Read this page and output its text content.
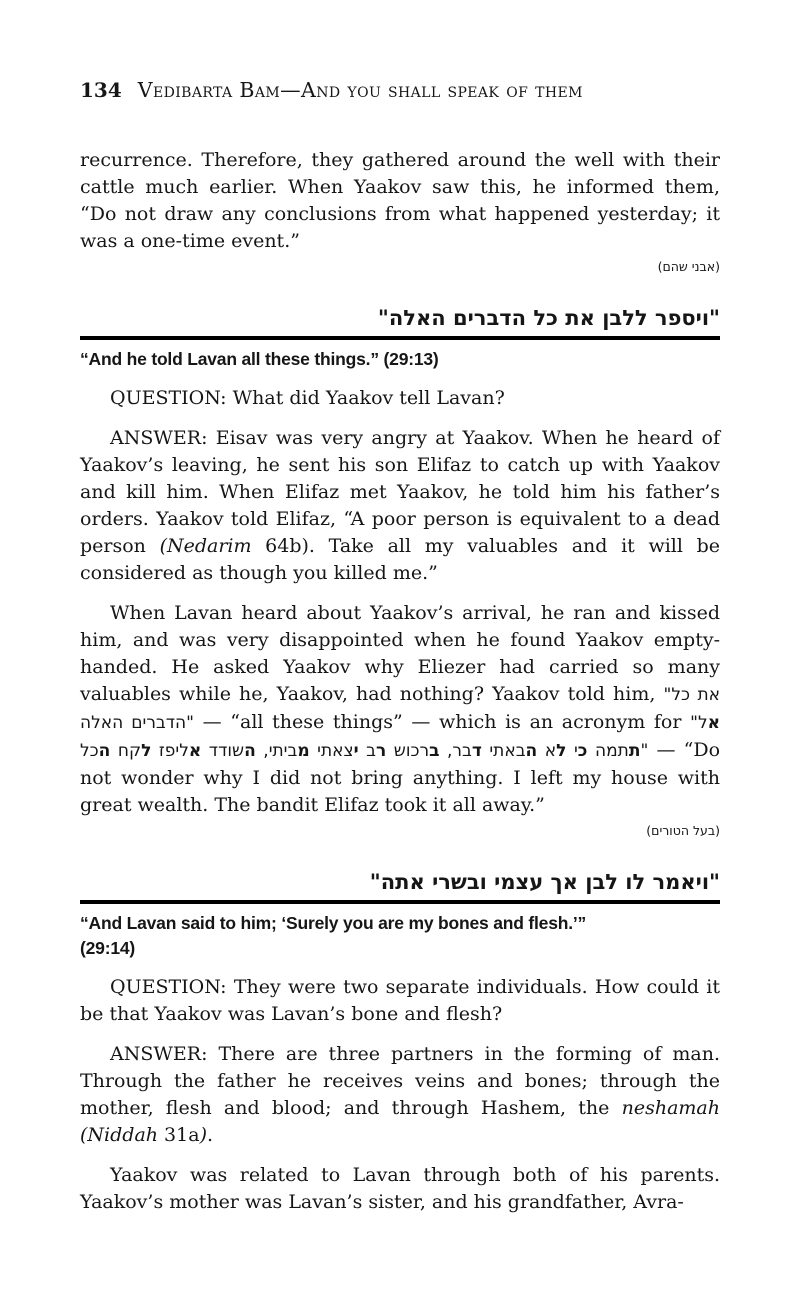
134 Vedibarta Bam—And you shall speak of them

recurrence. Therefore, they gathered around the well with their cattle much earlier. When Yaakov saw this, he informed them, “Do not draw any conclusions from what happened yesterday; it was a one-time event.”

(אבני שהם)

"ויספר ללבן את כל הדברים האלה"

“And he told Lavan all these things.” (29:13)

QUESTION: What did Yaakov tell Lavan?

ANSWER: Eisav was very angry at Yaakov. When he heard of Yaakov’s leaving, he sent his son Elifaz to catch up with Yaakov and kill him. When Elifaz met Yaakov, he told him his father’s orders. Yaakov told Elifaz, “A poor person is equivalent to a dead person (Nedarim 64b). Take all my valuables and it will be considered as though you killed me.”

When Lavan heard about Yaakov’s arrival, he ran and kissed him, and was very disappointed when he found Yaakov empty-handed. He asked Yaakov why Eliezer had carried so many valuables while he, Yaakov, had nothing? Yaakov told him, "את כל הדברים האלה" — “all these things” — which is an acronym for " אל תתמה כי לא הבאתי דבר, ברכוש רב יצאתי מביתי, השודד אליפז לקח הכל" — “Do not wonder why I did not bring anything. I left my house with great wealth. The bandit Elifaz took it all away.”

(בעל הטורים)

"ויאמר לו לבן אך עצמי ובשרי אתה"

“And Lavan said to him; ‘Surely you are my bones and flesh.’”
(29:14)

QUESTION: They were two separate individuals. How could it be that Yaakov was Lavan’s bone and flesh?

ANSWER: There are three partners in the forming of man. Through the father he receives veins and bones; through the mother, flesh and blood; and through Hashem, the neshamah (Niddah 31a).

Yaakov was related to Lavan through both of his parents. Yaakov’s mother was Lavan’s sister, and his grandfather, Avra-
